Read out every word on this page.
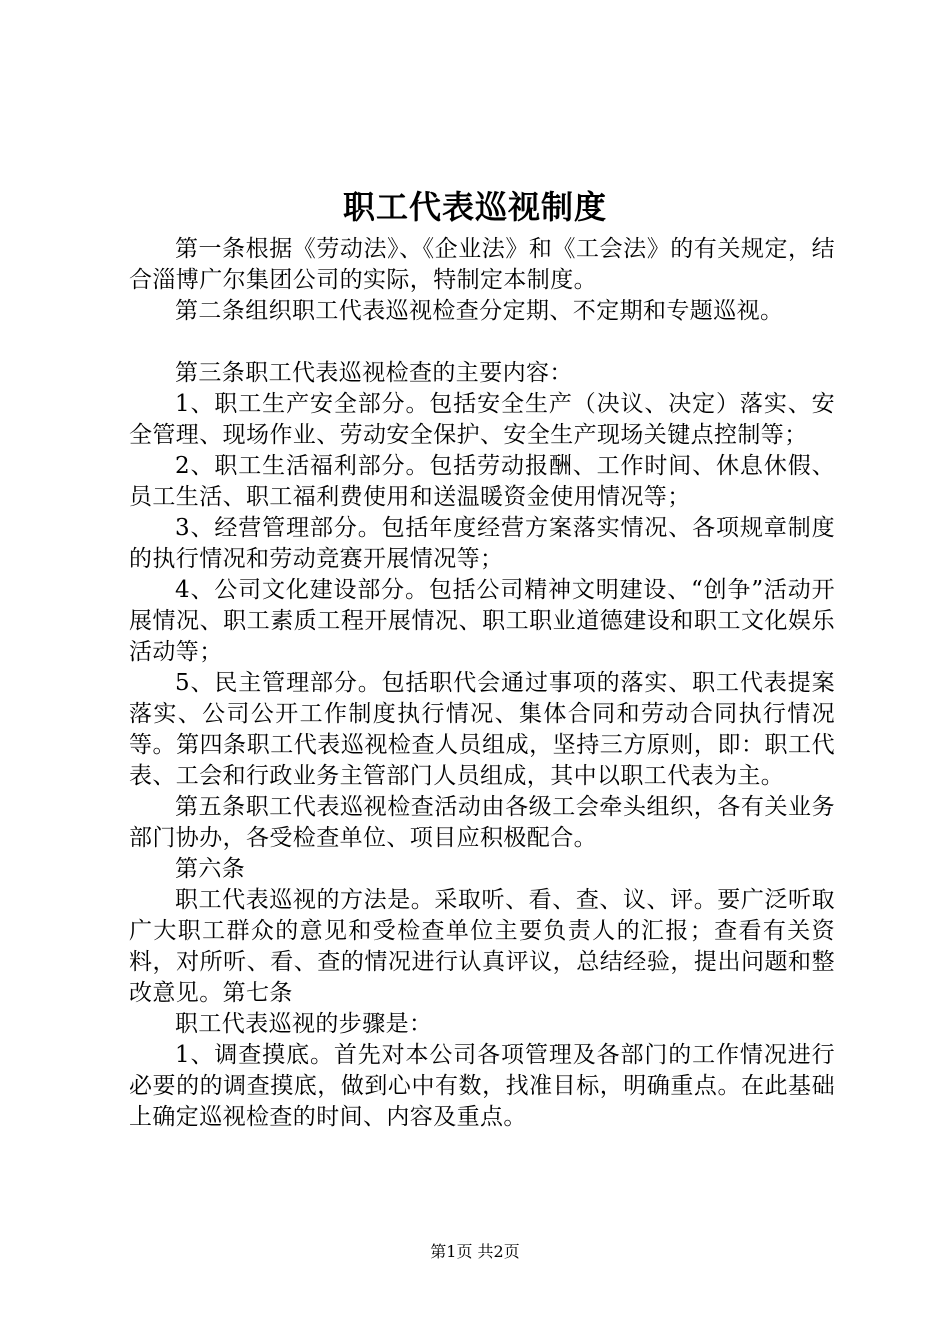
职工代表巡视制度

第一条根据《劳动法》、《企业法》和《工会法》的有关规定，结合淄博广尔集团公司的实际，特制定本制度。

第二条组织职工代表巡视检查分定期、不定期和专题巡视。

第三条职工代表巡视检查的主要内容：

1、职工生产安全部分。包括安全生产（决议、决定）落实、安全管理、现场作业、劳动安全保护、安全生产现场关键点控制等；

2、职工生活福利部分。包括劳动报酬、工作时间、休息休假、员工生活、职工福利费使用和送温暖资金使用情况等；

3、经营管理部分。包括年度经营方案落实情况、各项规章制度的执行情况和劳动竞赛开展情况等；

4、公司文化建设部分。包括公司精神文明建设、“创争”活动开展情况、职工素质工程开展情况、职工职业道德建设和职工文化娱乐活动等；

5、民主管理部分。包括职代会通过事项的落实、职工代表提案落实、公司公开工作制度执行情况、集体合同和劳动合同执行情况等。第四条职工代表巡视检查人员组成，坚持三方原则，即：职工代表、工会和行政业务主管部门人员组成，其中以职工代表为主。

第五条职工代表巡视检查活动由各级工会牵头组织，各有关业务部门协办，各受检查单位、项目应积极配合。

第六条

职工代表巡视的方法是。采取听、看、查、议、评。要广泛听取广大职工群众的意见和受检查单位主要负责人的汇报；查看有关资料，对所听、看、查的情况进行认真评议，总结经验，提出问题和整改意见。第七条

职工代表巡视的步骤是：

1、调查摸底。首先对本公司各项管理及各部门的工作情况进行必要的的调查摸底，做到心中有数，找准目标，明确重点。在此基础上确定巡视检查的时间、内容及重点。

第1页 共2页
